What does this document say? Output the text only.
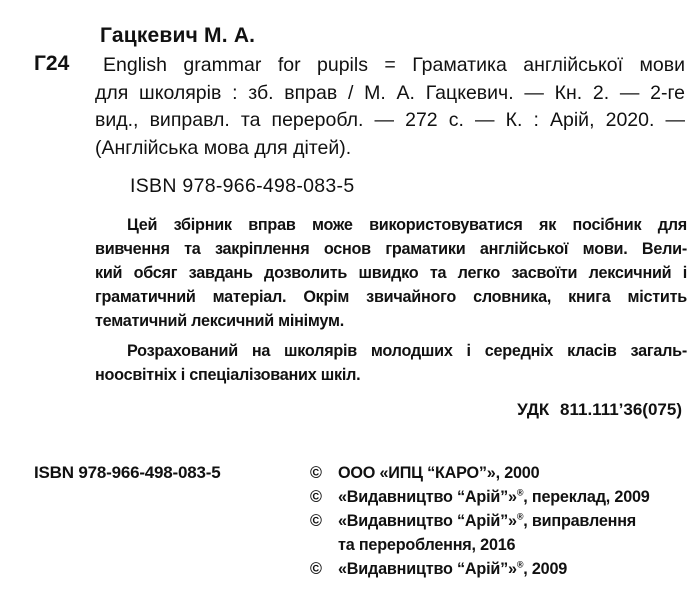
Гацкевич М. А.
Г24	English grammar for pupils = Граматика англійської мови
для школярів : зб. вправ / М. А. Гацкевич. — Кн. 2. — 2-ге
вид., виправл. та переробл. — 272 с. — К. : Арій, 2020. —
(Англійська мова для дітей).
ISBN 978-966-498-083-5
Цей збірник вправ може використовуватися як посібник для
вивчення та закріплення основ граматики англійської мови. Вели-
кий обсяг завдань дозволить швидко та легко засвоїти лексичний і
граматичний матеріал. Окрім звичайного словника, книга містить
тематичний лексичний мінімум.
Розрахований на школярів молодших і середніх класів загаль-
ноосвітніх і спеціалізованих шкіл.
УДК 811.111’36(075)
ISBN 978-966-498-083-5	©	ООО «ИПЦ “КАРО”», 2000
©	«Видавництво “Арій”»®, переклад, 2009
©	«Видавництво “Арій”»®, виправлення
та перероблення, 2016
©	«Видавництво “Арій”»®, 2009
